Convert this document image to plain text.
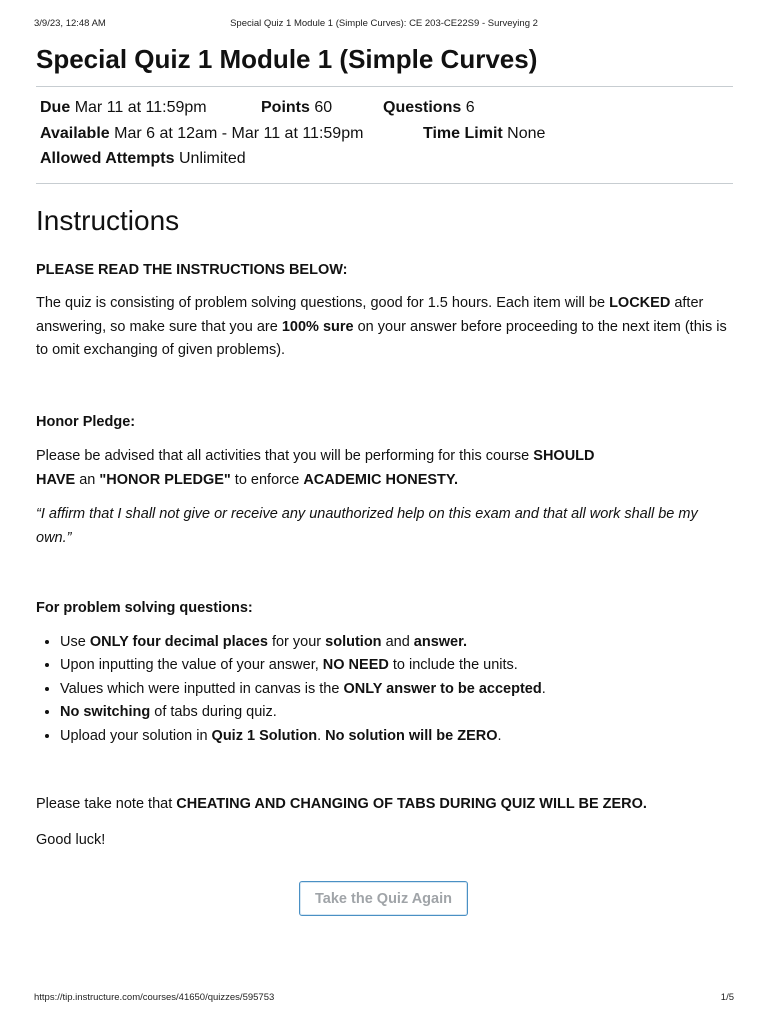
3/9/23, 12:48 AM	Special Quiz 1 Module 1 (Simple Curves): CE 203-CE22S9 - Surveying 2
Special Quiz 1 Module 1 (Simple Curves)
Due Mar 11 at 11:59pm	Points 60	Questions 6
Available Mar 6 at 12am - Mar 11 at 11:59pm	Time Limit None
Allowed Attempts Unlimited
Instructions

PLEASE READ THE INSTRUCTIONS BELOW:

The quiz is consisting of problem solving questions, good for 1.5 hours. Each item will be LOCKED after answering, so make sure that you are 100% sure on your answer before proceeding to the next item (this is to omit exchanging of given problems).

Honor Pledge:

Please be advised that all activities that you will be performing for this course SHOULD
HAVE an "HONOR PLEDGE" to enforce ACADEMIC HONESTY.

“I affirm that I shall not give or receive any unauthorized help on this exam and that all work shall be my own.”

For problem solving questions:

• Use ONLY four decimal places for your solution and answer.
• Upon inputting the value of your answer, NO NEED to include the units.
• Values which were inputted in canvas is the ONLY answer to be accepted.
• No switching of tabs during quiz.
• Upload your solution in Quiz 1 Solution. No solution will be ZERO.

Please take note that CHEATING AND CHANGING OF TABS DURING QUIZ WILL BE ZERO.

Good luck!

Take the Quiz Again
https://tip.instructure.com/courses/41650/quizzes/595753	1/5
